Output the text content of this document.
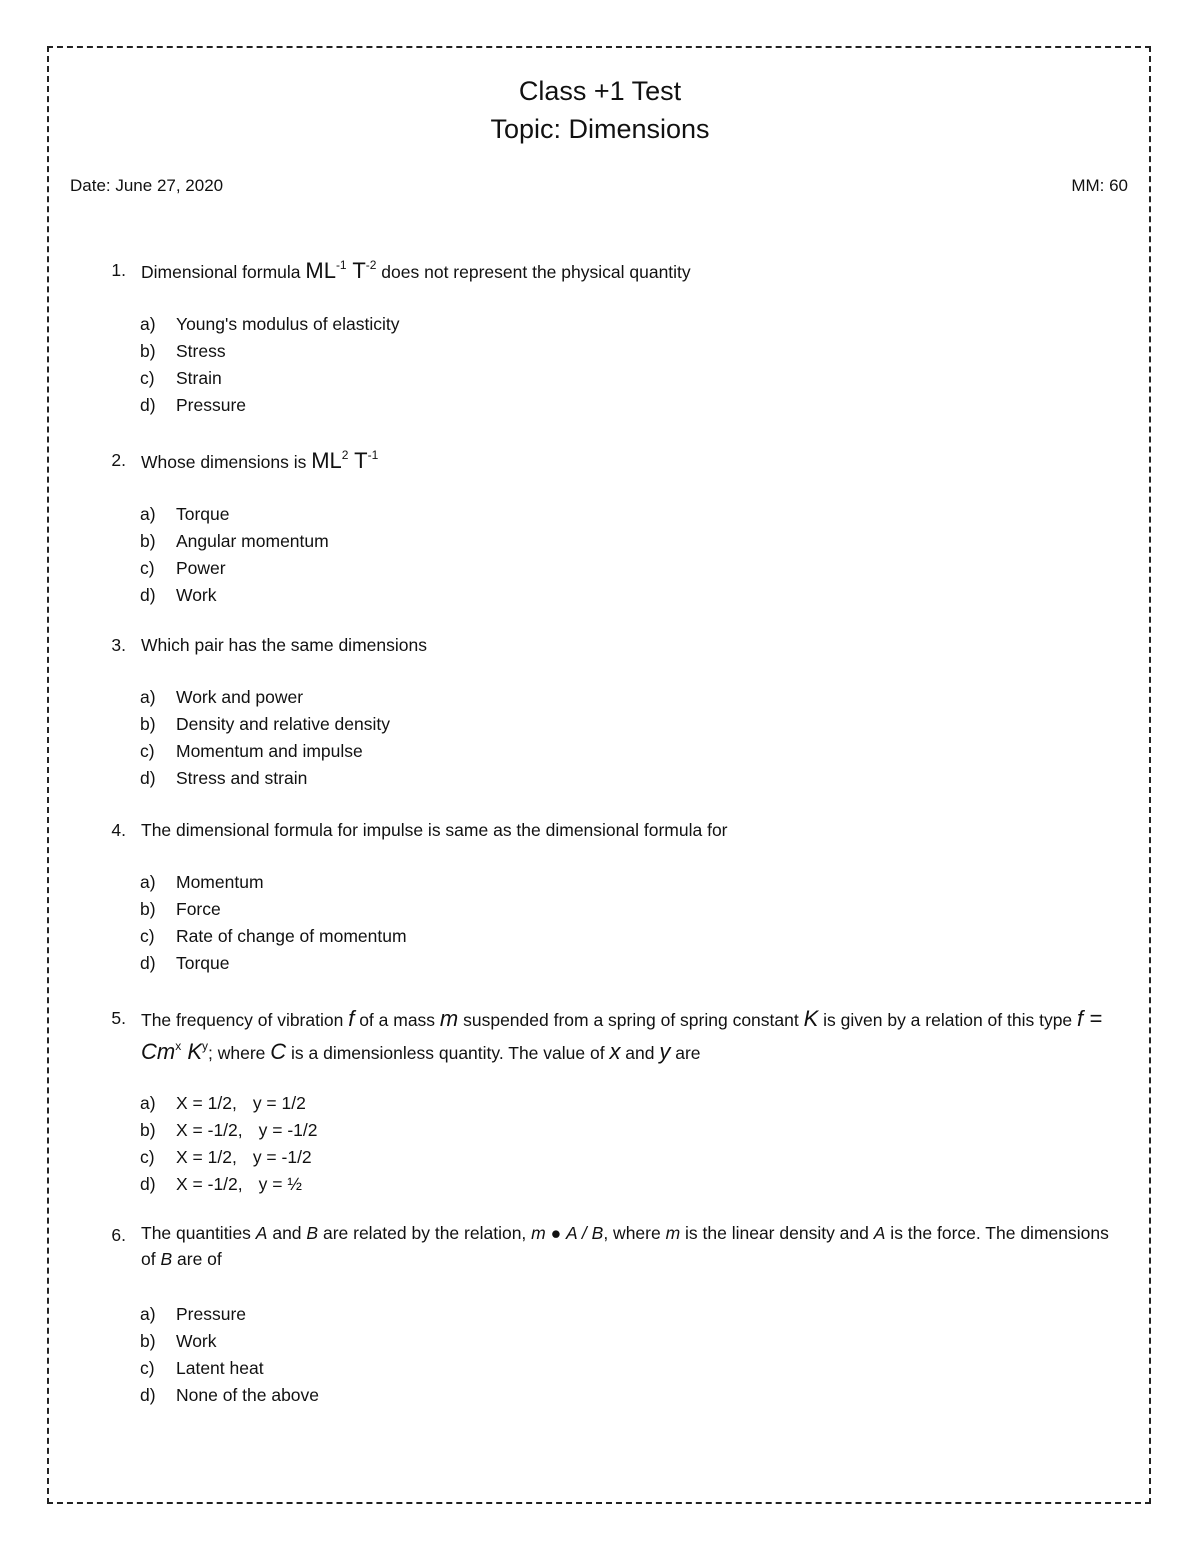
Class +1 Test
Topic: Dimensions
Date: June 27, 2020	MM: 60
1. Dimensional formula $ML^{-1}$ $T^{-2}$ does not represent the physical quantity
a) Young's modulus of elasticity
b) Stress
c) Strain
d) Pressure
2. Whose dimensions is $ML^2$ $T^{-1}$
a) Torque
b) Angular momentum
c) Power
d) Work
3. Which pair has the same dimensions
a) Work and power
b) Density and relative density
c) Momentum and impulse
d) Stress and strain
4. The dimensional formula for impulse is same as the dimensional formula for
a) Momentum
b) Force
c) Rate of change of momentum
d) Torque
5. The frequency of vibration f of a mass m suspended from a spring of spring constant K is given by a relation of this type $f = Cm^x$ $K^y$; where C is a dimensionless quantity. The value of x and y are
a) X = 1/2, y = 1/2
b) X = -1/2, y = -1/2
c) X = 1/2, y = -1/2
d) X = -1/2, y = ½
6. The quantities A and B are related by the relation, m ● A / B, where m is the linear density and A is the force. The dimensions of B are of
a) Pressure
b) Work
c) Latent heat
d) None of the above
